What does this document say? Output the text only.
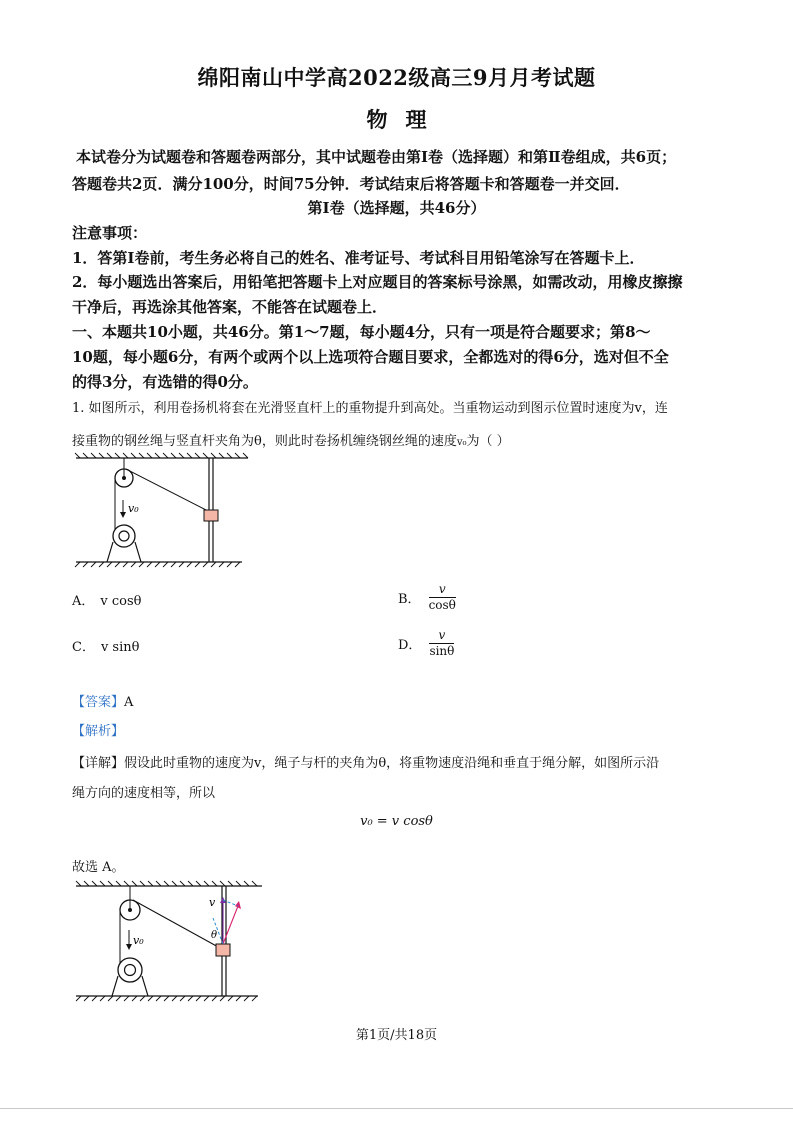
绵阳南山中学高2022级高三9月月考试题
物理
本试卷分为试题卷和答题卷两部分，其中试题卷由第Ⅰ卷（选择题）和第Ⅱ卷组成，共6页；
答题卷共2页．满分100分，时间75分钟．考试结束后将答题卡和答题卷一并交回．
第Ⅰ卷（选择题，共46分）
注意事项：
1．答第Ⅰ卷前，考生务必将自己的姓名、准考证号、考试科目用铅笔涂写在答题卡上．
2．每小题选出答案后，用铅笔把答题卡上对应题目的答案标号涂黑，如需改动，用橡皮擦擦
干净后，再选涂其他答案，不能答在试题卷上．
一、本题共10小题，共46分。第1～7题，每小题4分，只有一项是符合题要求；第8～
10题，每小题6分，有两个或两个以上选项符合题目要求，全都选对的得6分，选对但不全
的得3分，有选错的得0分。
1. 如图所示，利用卷扬机将套在光滑竖直杆上的重物提升到高处。当重物运动到图示位置时速度为v，连
接重物的钢丝绳与竖直杆夹角为θ，则此时卷扬机缠绕钢丝绳的速度v₀为（ ）
v₀
A． v cosθ	B． $\frac{v}{\cos\theta}$
C． v sinθ	D． $\frac{v}{\sin\theta}$
【答案】A
【解析】
【详解】假设此时重物的速度为v，绳子与杆的夹角为θ，将重物速度沿绳和垂直于绳分解，如图所示沿
绳方向的速度相等，所以
v₀ = v cosθ
故选 A。
v₀
v
θ
第1页/共18页
